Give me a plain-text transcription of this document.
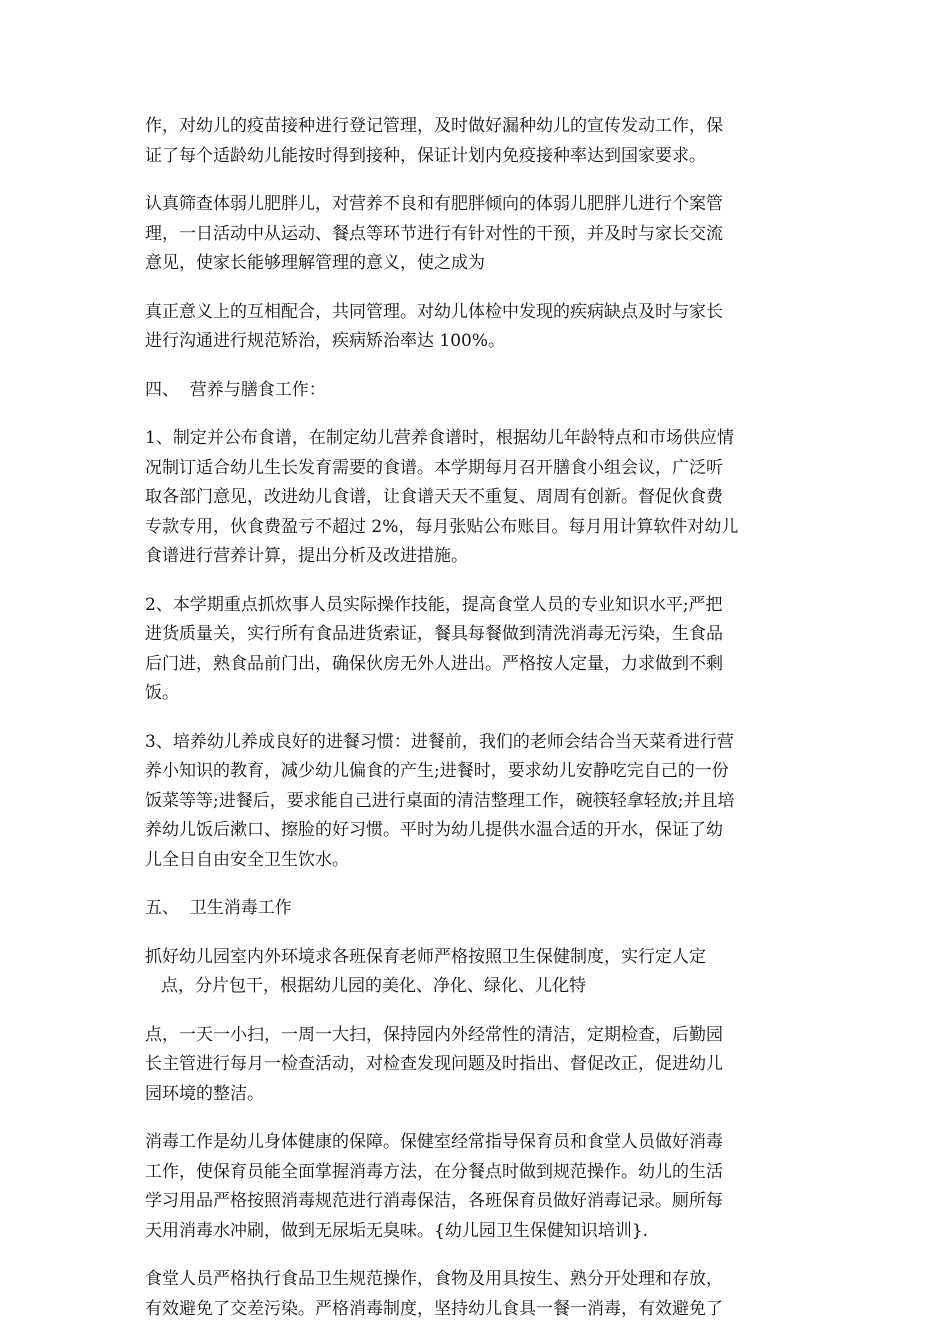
作，对幼儿的疫苗接种进行登记管理，及时做好漏种幼儿的宣传发动工作，保
证了每个适龄幼儿能按时得到接种，保证计划内免疫接种率达到国家要求。

认真筛查体弱儿肥胖儿，对营养不良和有肥胖倾向的体弱儿肥胖儿进行个案管
理，一日活动中从运动、餐点等环节进行有针对性的干预，并及时与家长交流
意见，使家长能够理解管理的意义，使之成为

真正意义上的互相配合，共同管理。对幼儿体检中发现的疾病缺点及时与家长
进行沟通进行规范矫治，疾病矫治率达 100%。

四、  营养与膳食工作：

1、制定并公布食谱，在制定幼儿营养食谱时，根据幼儿年龄特点和市场供应情
况制订适合幼儿生长发育需要的食谱。本学期每月召开膳食小组会议，广泛听
取各部门意见，改进幼儿食谱，让食谱天天不重复、周周有创新。督促伙食费
专款专用，伙食费盈亏不超过 2%，每月张贴公布账目。每月用计算软件对幼儿
食谱进行营养计算，提出分析及改进措施。

2、本学期重点抓炊事人员实际操作技能，提高食堂人员的专业知识水平;严把
进货质量关，实行所有食品进货索证，餐具每餐做到清洗消毒无污染，生食品
后门进，熟食品前门出，确保伙房无外人进出。严格按人定量，力求做到不剩
饭。

3、培养幼儿养成良好的进餐习惯：进餐前，我们的老师会结合当天菜肴进行营
养小知识的教育，减少幼儿偏食的产生;进餐时，要求幼儿安静吃完自己的一份
饭菜等等;进餐后，要求能自己进行桌面的清洁整理工作，碗筷轻拿轻放;并且培
养幼儿饭后漱口、擦脸的好习惯。平时为幼儿提供水温合适的开水，保证了幼
儿全日自由安全卫生饮水。

五、  卫生消毒工作

抓好幼儿园室内外环境求各班保育老师严格按照卫生保健制度，实行定人定
点，分片包干，根据幼儿园的美化、净化、绿化、儿化特

点，一天一小扫，一周一大扫，保持园内外经常性的清洁，定期检查，后勤园
长主管进行每月一检查活动，对检查发现问题及时指出、督促改正，促进幼儿
园环境的整洁。

消毒工作是幼儿身体健康的保障。保健室经常指导保育员和食堂人员做好消毒
工作，使保育员能全面掌握消毒方法，在分餐点时做到规范操作。幼儿的生活
学习用品严格按照消毒规范进行消毒保洁，各班保育员做好消毒记录。厕所每
天用消毒水冲刷，做到无尿垢无臭味。{幼儿园卫生保健知识培训}.

食堂人员严格执行食品卫生规范操作，食物及用具按生、熟分开处理和存放，
有效避免了交差污染。严格消毒制度，坚持幼儿食具一餐一消毒，有效避免了
